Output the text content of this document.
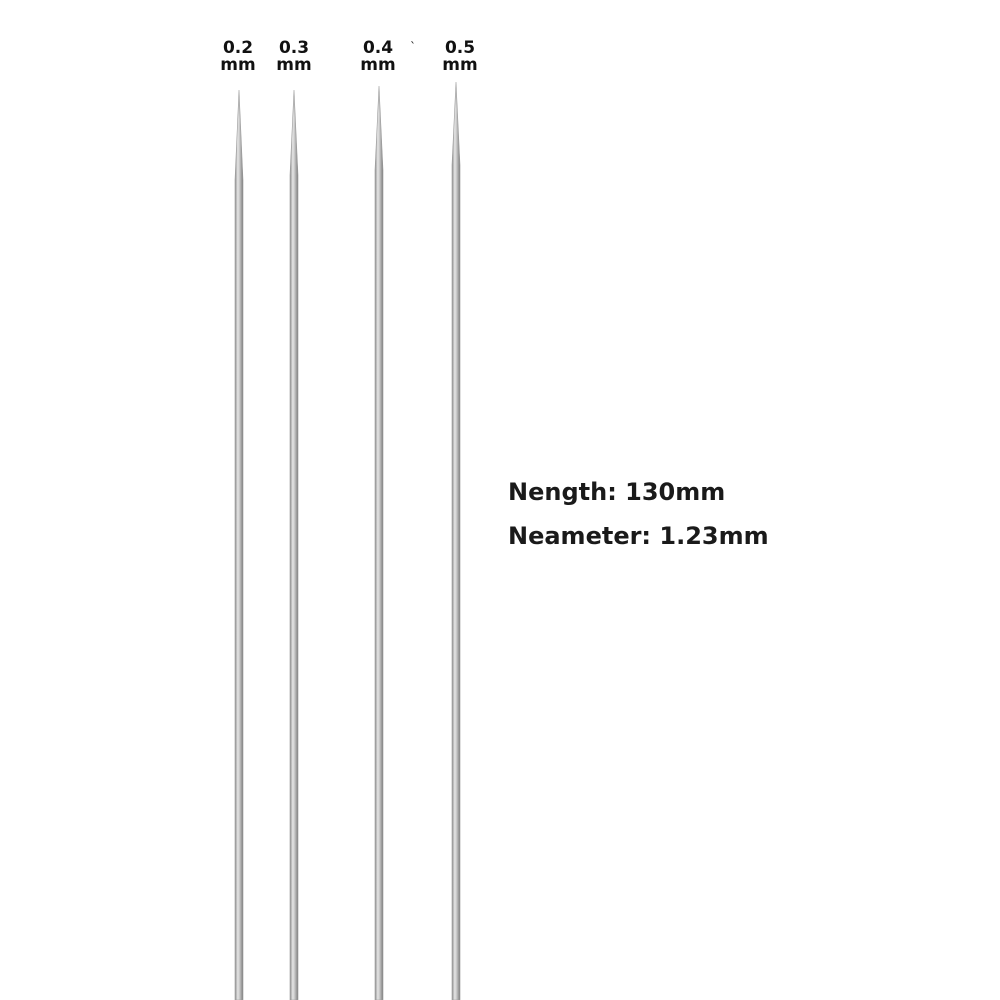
0.2
mm
0.3
mm
0.4
mm
`	0.5
mm
Nength: 130mm
Neameter: 1.23mm
